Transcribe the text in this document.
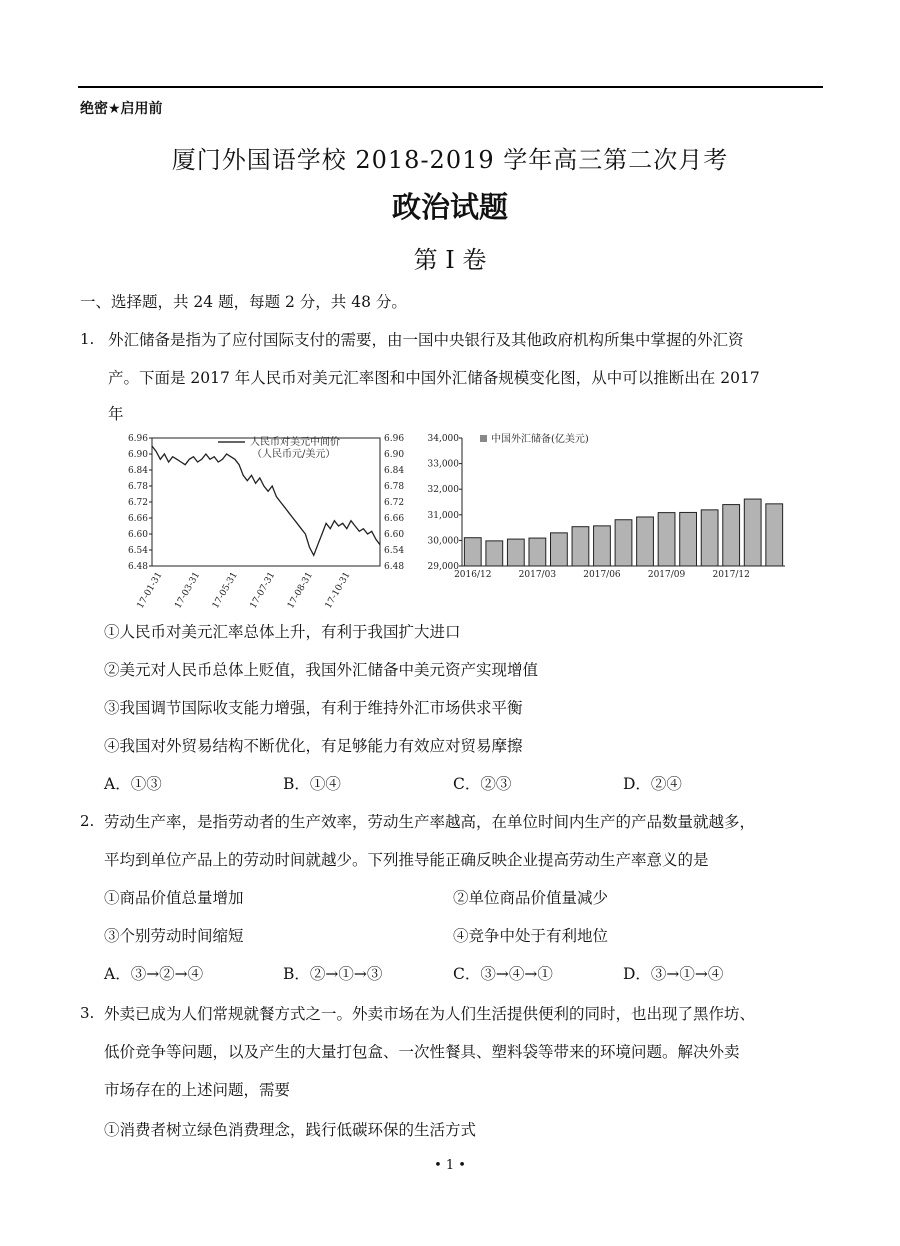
绝密★启用前
厦门外国语学校 2018-2019 学年高三第二次月考
政治试题
第 I 卷
一、选择题，共 24 题，每题 2 分，共 48 分。
1. 外汇储备是指为了应付国际支付的需要，由一国中央银行及其他政府机构所集中掌握的外汇资
产。下面是 2017 年人民币对美元汇率图和中国外汇储备规模变化图，从中可以推断出在 2017
年
6.96	6.96
6.90	6.90
6.84	6.84
6.78	6.78
6.72	6.72
6.66	6.66
6.60	6.60
6.54	6.54
6.48	6.48
人民币对美元中间价
（人民币元/美元）
17-01-31 17-03-31 17-05-31 17-07-31 17-08-31 17-10-31
34,000
33,000
32,000
31,000
30,000
29,000
中国外汇储备(亿美元)
2016/12	2017/03	2017/06	2017/09	2017/12
①人民币对美元汇率总体上升，有利于我国扩大进口
②美元对人民币总体上贬值，我国外汇储备中美元资产实现增值
③我国调节国际收支能力增强，有利于维持外汇市场供求平衡
④我国对外贸易结构不断优化，有足够能力有效应对贸易摩擦
A．①③	B．①④	C．②③	D．②④
2. 劳动生产率，是指劳动者的生产效率，劳动生产率越高，在单位时间内生产的产品数量就越多，
平均到单位产品上的劳动时间就越少。下列推导能正确反映企业提高劳动生产率意义的是
①商品价值总量增加	②单位商品价值量减少
③个别劳动时间缩短	④竞争中处于有利地位
A．③→②→④	B．②→①→③	C．③→④→①	D．③→①→④
3. 外卖已成为人们常规就餐方式之一。外卖市场在为人们生活提供便利的同时，也出现了黑作坊、
低价竞争等问题，以及产生的大量打包盒、一次性餐具、塑料袋等带来的环境问题。解决外卖
市场存在的上述问题，需要
①消费者树立绿色消费理念，践行低碳环保的生活方式
• 1 •
